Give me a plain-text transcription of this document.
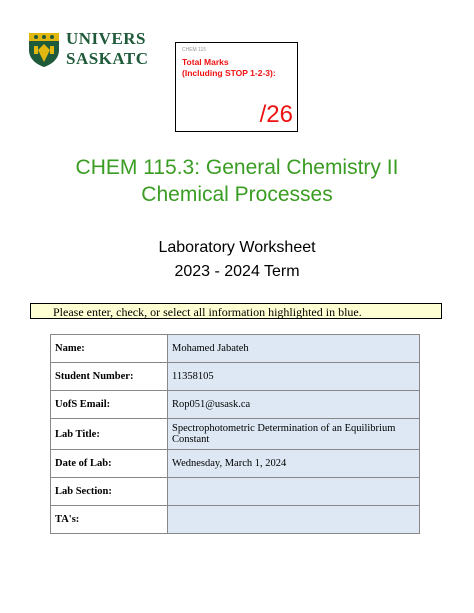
UNIVERS
SASKATC	CHEM 115
Total Marks
(Including STOP 1-2-3):
/26
CHEM 115.3: General Chemistry II
Chemical Processes
Laboratory Worksheet
2023 - 2024 Term
Please enter, check, or select all information highlighted in blue.
Name:	Mohamed Jabateh
Student Number:	11358105
UofS Email:	Rop051@usask.ca
Lab Title:	Spectrophotometric Determination of an Equilibrium Constant
Date of Lab:	Wednesday, March 1, 2024
Lab Section:	
TA's:	
